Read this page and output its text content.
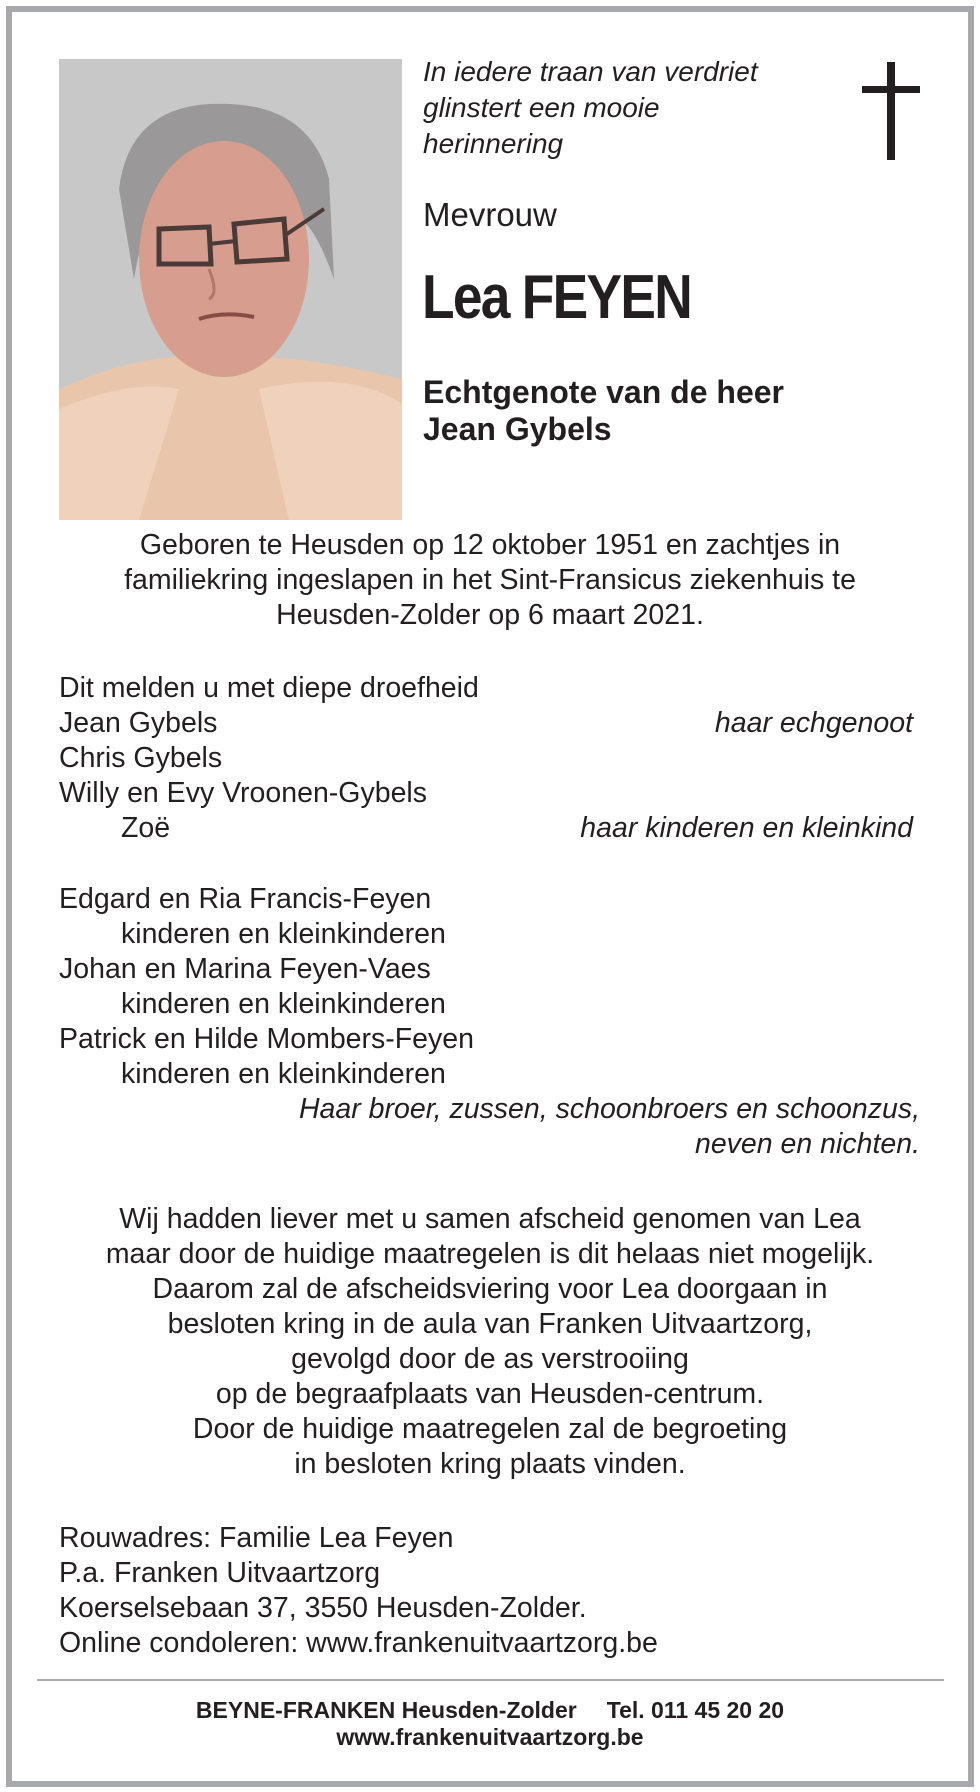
In iedere traan van verdriet
glinstert een mooie
herinnering
Mevrouw
Lea FEYEN
Echtgenote van de heer
Jean Gybels
Geboren te Heusden op 12 oktober 1951 en zachtjes in
familiekring ingeslapen in het Sint-Fransicus ziekenhuis te
Heusden-Zolder op 6 maart 2021.
Dit melden u met diepe droefheid
Jean Gybels	haar echgenoot
Chris Gybels
Willy en Evy Vroonen-Gybels
Zoë	haar kinderen en kleinkind
Edgard en Ria Francis-Feyen
kinderen en kleinkinderen
Johan en Marina Feyen-Vaes
kinderen en kleinkinderen
Patrick en Hilde Mombers-Feyen
kinderen en kleinkinderen
Haar broer, zussen, schoonbroers en schoonzus,
neven en nichten.
Wij hadden liever met u samen afscheid genomen van Lea
maar door de huidige maatregelen is dit helaas niet mogelijk.
Daarom zal de afscheidsviering voor Lea doorgaan in
besloten kring in de aula van Franken Uitvaartzorg,
gevolgd door de as verstrooiing
op de begraafplaats van Heusden-centrum.
Door de huidige maatregelen zal de begroeting
in besloten kring plaats vinden.
Rouwadres: Familie Lea Feyen
P.a. Franken Uitvaartzorg
Koerselsebaan 37, 3550 Heusden-Zolder.
Online condoleren: www.frankenuitvaartzorg.be
BEYNE-FRANKEN Heusden-Zolder Tel. 011 45 20 20
www.frankenuitvaartzorg.be
